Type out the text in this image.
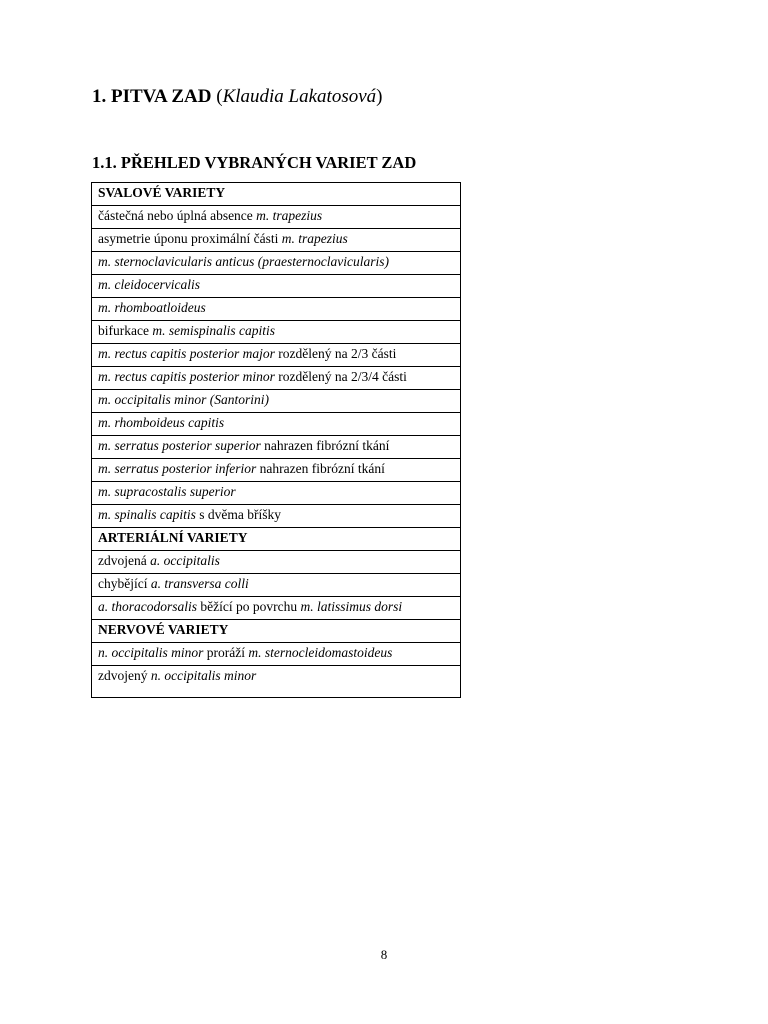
1. PITVA ZAD (Klaudia Lakatosová)
1.1. PŘEHLED VYBRANÝCH VARIET ZAD
SVALOVÉ VARIETY
částečná nebo úplná absence m. trapezius
asymetrie úponu proximální části m. trapezius
m. sternoclavicularis anticus (praesternoclavicularis)
m. cleidocervicalis
m. rhomboatloideus
bifurkace m. semispinalis capitis
m. rectus capitis posterior major rozdělený na 2/3 části
m. rectus capitis posterior minor rozdělený na 2/3/4 části
m. occipitalis minor (Santorini)
m. rhomboideus capitis
m. serratus posterior superior nahrazen fibrózní tkání
m. serratus posterior inferior nahrazen fibrózní tkání
m. supracostalis superior
m. spinalis capitis s dvěma bříšky
ARTERIÁLNÍ VARIETY
zdvojená a. occipitalis
chybějící a. transversa colli
a. thoracodorsalis běžící po povrchu m. latissimus dorsi
NERVOVÉ VARIETY
n. occipitalis minor proráží m. sternocleidomastoideus
zdvojený n. occipitalis minor
8
